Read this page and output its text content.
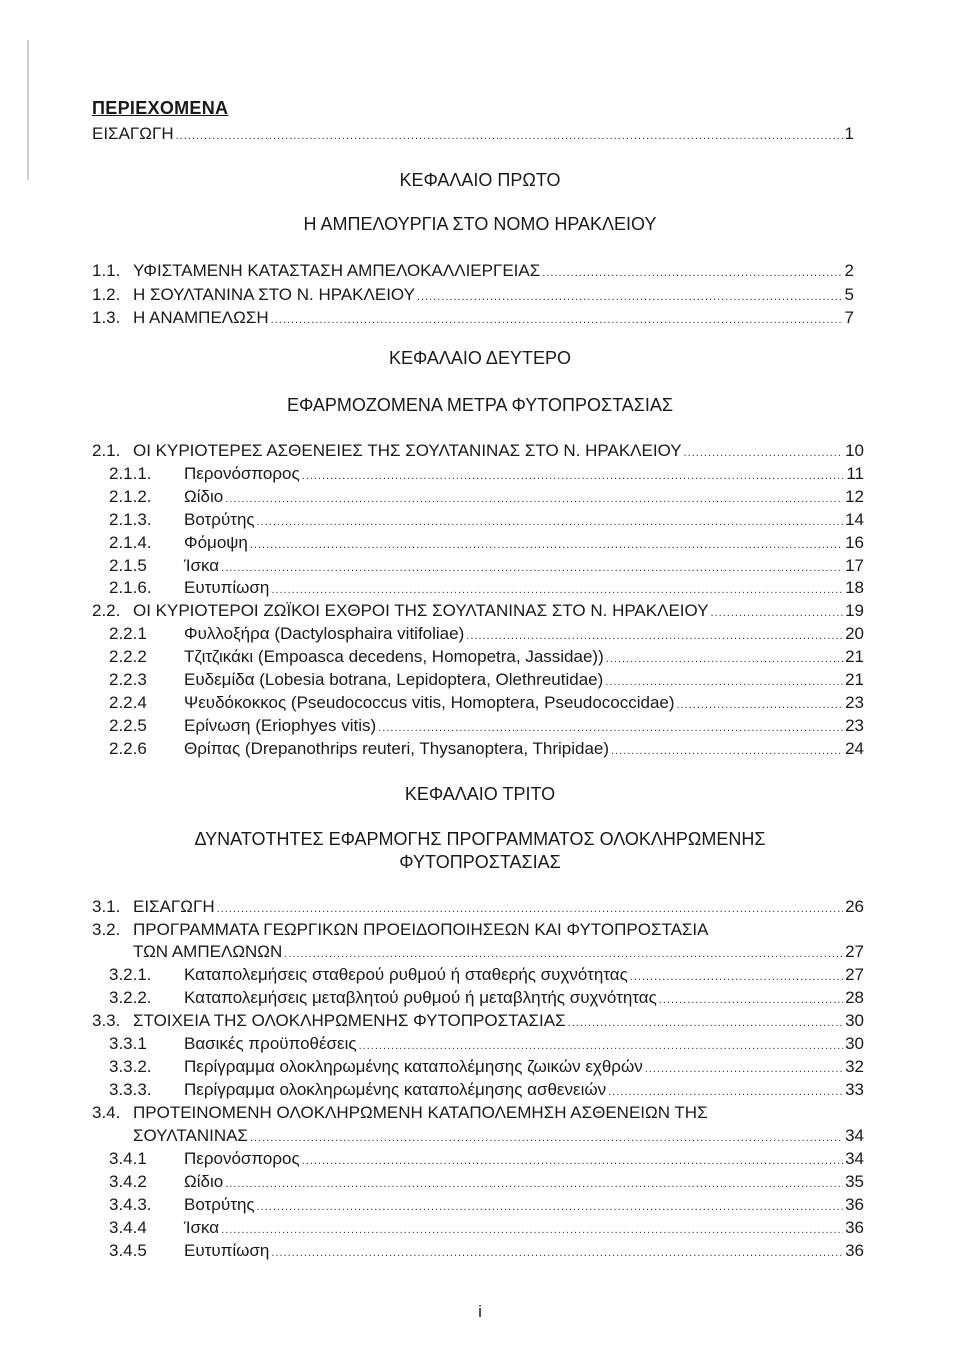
ΠΕΡΙΕΧΟΜΕΝΑ
ΕΙΣΑΓΩΓΗ .....	1
ΚΕΦΑΛΑΙΟ ΠΡΩΤΟ
Η ΑΜΠΕΛΟΥΡΓΙΑ ΣΤΟ ΝΟΜΟ ΗΡΑΚΛΕΙΟΥ
1.1. ΥΦΙΣΤΑΜΕΝΗ ΚΑΤΑΣΤΑΣΗ ΑΜΠΕΛΟΚΑΛΛΙΕΡΓΕΙΑΣ .....	2
1.2. Η ΣΟΥΛΤΑΝΙΝΑ ΣΤΟ Ν. ΗΡΑΚΛΕΙΟΥ .....	5
1.3. Η ΑΝΑΜΠΕΛΩΣΗ .....	7
ΚΕΦΑΛΑΙΟ ΔΕΥΤΕΡΟ
ΕΦΑΡΜΟΖΟΜΕΝΑ ΜΕΤΡΑ ΦΥΤΟΠΡΟΣΤΑΣΙΑΣ
2.1. ΟΙ ΚΥΡΙΟΤΕΡΕΣ ΑΣΘΕΝΕΙΕΣ ΤΗΣ ΣΟΥΛΤΑΝΙΝΑΣ ΣΤΟ Ν. ΗΡΑΚΛΕΙΟΥ .....	10
2.1.1.	Περονόσπορος .....	11
2.1.2.	Ωίδιο .....	12
2.1.3.	Βοτρύτης .....	14
2.1.4.	Φόμοψη .....	16
2.1.5	Ίσκα .....	17
2.1.6.	Ευτυπίωση .....	18
2.2. ΟΙ ΚΥΡΙΟΤΕΡΟΙ ΖΩΪΚΟΙ ΕΧΘΡΟΙ ΤΗΣ ΣΟΥΛΤΑΝΙΝΑΣ ΣΤΟ Ν. ΗΡΑΚΛΕΙΟΥ .....	19
2.2.1	Φυλλοξήρα (Dactylosphaira vitifoliae) .....	20
2.2.2	Τζιτζικάκι (Empoasca decedens, Homopetra, Jassidae)) .....	21
2.2.3	Ευδεμίδα (Lobesia botrana, Lepidoptera, Olethreutidae) .....	21
2.2.4	Ψευδόκοκκος (Pseudococcus vitis, Homoptera, Pseudococcidae) .....	23
2.2.5	Ερίνωση (Eriophyes vitis) .....	23
2.2.6	Θρίπας (Drepanothrips reuteri, Thysanoptera, Thripidae) .....	24
ΚΕΦΑΛΑΙΟ ΤΡΙΤΟ
ΔΥΝΑΤΟΤΗΤΕΣ ΕΦΑΡΜΟΓΗΣ ΠΡΟΓΡΑΜΜΑΤΟΣ ΟΛΟΚΛΗΡΩΜΕΝΗΣ
ΦΥΤΟΠΡΟΣΤΑΣΙΑΣ
3.1. ΕΙΣΑΓΩΓΗ .....	26
3.2. ΠΡΟΓΡΑΜΜΑΤΑ ΓΕΩΡΓΙΚΩΝ ΠΡΟΕΙΔΟΠΟΙΗΣΕΩΝ ΚΑΙ ΦΥΤΟΠΡΟΣΤΑΣΙΑ
ΤΩΝ ΑΜΠΕΛΩΝΩΝ .....	27
3.2.1.	Καταπολεμήσεις σταθερού ρυθμού ή σταθερής συχνότητας .....	27
3.2.2.	Καταπολεμήσεις μεταβλητού ρυθμού ή μεταβλητής συχνότητας .....	28
3.3. ΣΤΟΙΧΕΙΑ ΤΗΣ ΟΛΟΚΛΗΡΩΜΕΝΗΣ ΦΥΤΟΠΡΟΣΤΑΣΙΑΣ .....	30
3.3.1	Βασικές προϋποθέσεις .....	30
3.3.2.	Περίγραμμα ολοκληρωμένης καταπολέμησης ζωικών εχθρών .....	32
3.3.3.	Περίγραμμα ολοκληρωμένης καταπολέμησης ασθενειών .....	33
3.4. ΠΡΟΤΕΙΝΟΜΕΝΗ ΟΛΟΚΛΗΡΩΜΕΝΗ ΚΑΤΑΠΟΛΕΜΗΣΗ ΑΣΘΕΝΕΙΩΝ ΤΗΣ
ΣΟΥΛΤΑΝΙΝΑΣ .....	34
3.4.1	Περονόσπορος .....	34
3.4.2	Ωίδιο .....	35
3.4.3.	Βοτρύτης .....	36
3.4.4	Ίσκα .....	36
3.4.5	Ευτυπίωση .....	36
i
